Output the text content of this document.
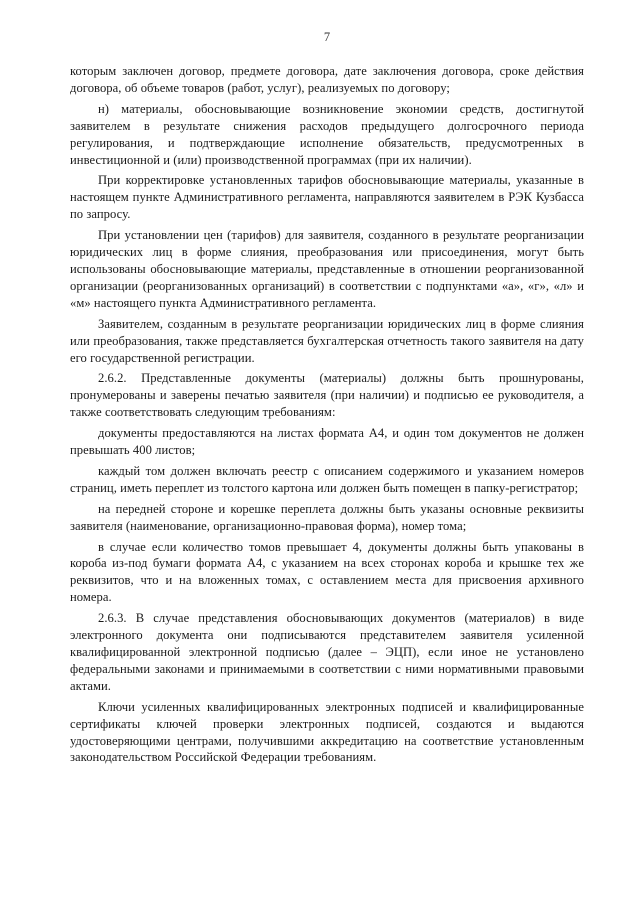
7

которым заключен договор, предмете договора, дате заключения договора, сроке действия договора, об объеме товаров (работ, услуг), реализуемых по договору;

н) материалы, обосновывающие возникновение экономии средств, достигнутой заявителем в результате снижения расходов предыдущего долгосрочного периода регулирования, и подтверждающие исполнение обязательств, предусмотренных в инвестиционной и (или) производственной программах (при их наличии).

При корректировке установленных тарифов обосновывающие материалы, указанные в настоящем пункте Административного регламента, направляются заявителем в РЭК Кузбасса по запросу.

При установлении цен (тарифов) для заявителя, созданного в результате реорганизации юридических лиц в форме слияния, преобразования или присоединения, могут быть использованы обосновывающие материалы, представленные в отношении реорганизованной организации (реорганизованных организаций) в соответствии с подпунктами «а», «г», «л» и «м» настоящего пункта Административного регламента.

Заявителем, созданным в результате реорганизации юридических лиц в форме слияния или преобразования, также представляется бухгалтерская отчетность такого заявителя на дату его государственной регистрации.

2.6.2. Представленные документы (материалы) должны быть прошнурованы, пронумерованы и заверены печатью заявителя (при наличии) и подписью ее руководителя, а также соответствовать следующим требованиям:

документы предоставляются на листах формата А4, и один том документов не должен превышать 400 листов;

каждый том должен включать реестр с описанием содержимого и указанием номеров страниц, иметь переплет из толстого картона или должен быть помещен в папку-регистратор;

на передней стороне и корешке переплета должны быть указаны основные реквизиты заявителя (наименование, организационно-правовая форма), номер тома;

в случае если количество томов превышает 4, документы должны быть упакованы в короба из-под бумаги формата А4, с указанием на всех сторонах короба и крышке тех же реквизитов, что и на вложенных томах, с оставлением места для присвоения архивного номера.

2.6.3. В случае представления обосновывающих документов (материалов) в виде электронного документа они подписываются представителем заявителя усиленной квалифицированной электронной подписью (далее – ЭЦП), если иное не установлено федеральными законами и принимаемыми в соответствии с ними нормативными правовыми актами.

Ключи усиленных квалифицированных электронных подписей и квалифицированные сертификаты ключей проверки электронных подписей, создаются и выдаются удостоверяющими центрами, получившими аккредитацию на соответствие установленным законодательством Российской Федерации требованиям.
